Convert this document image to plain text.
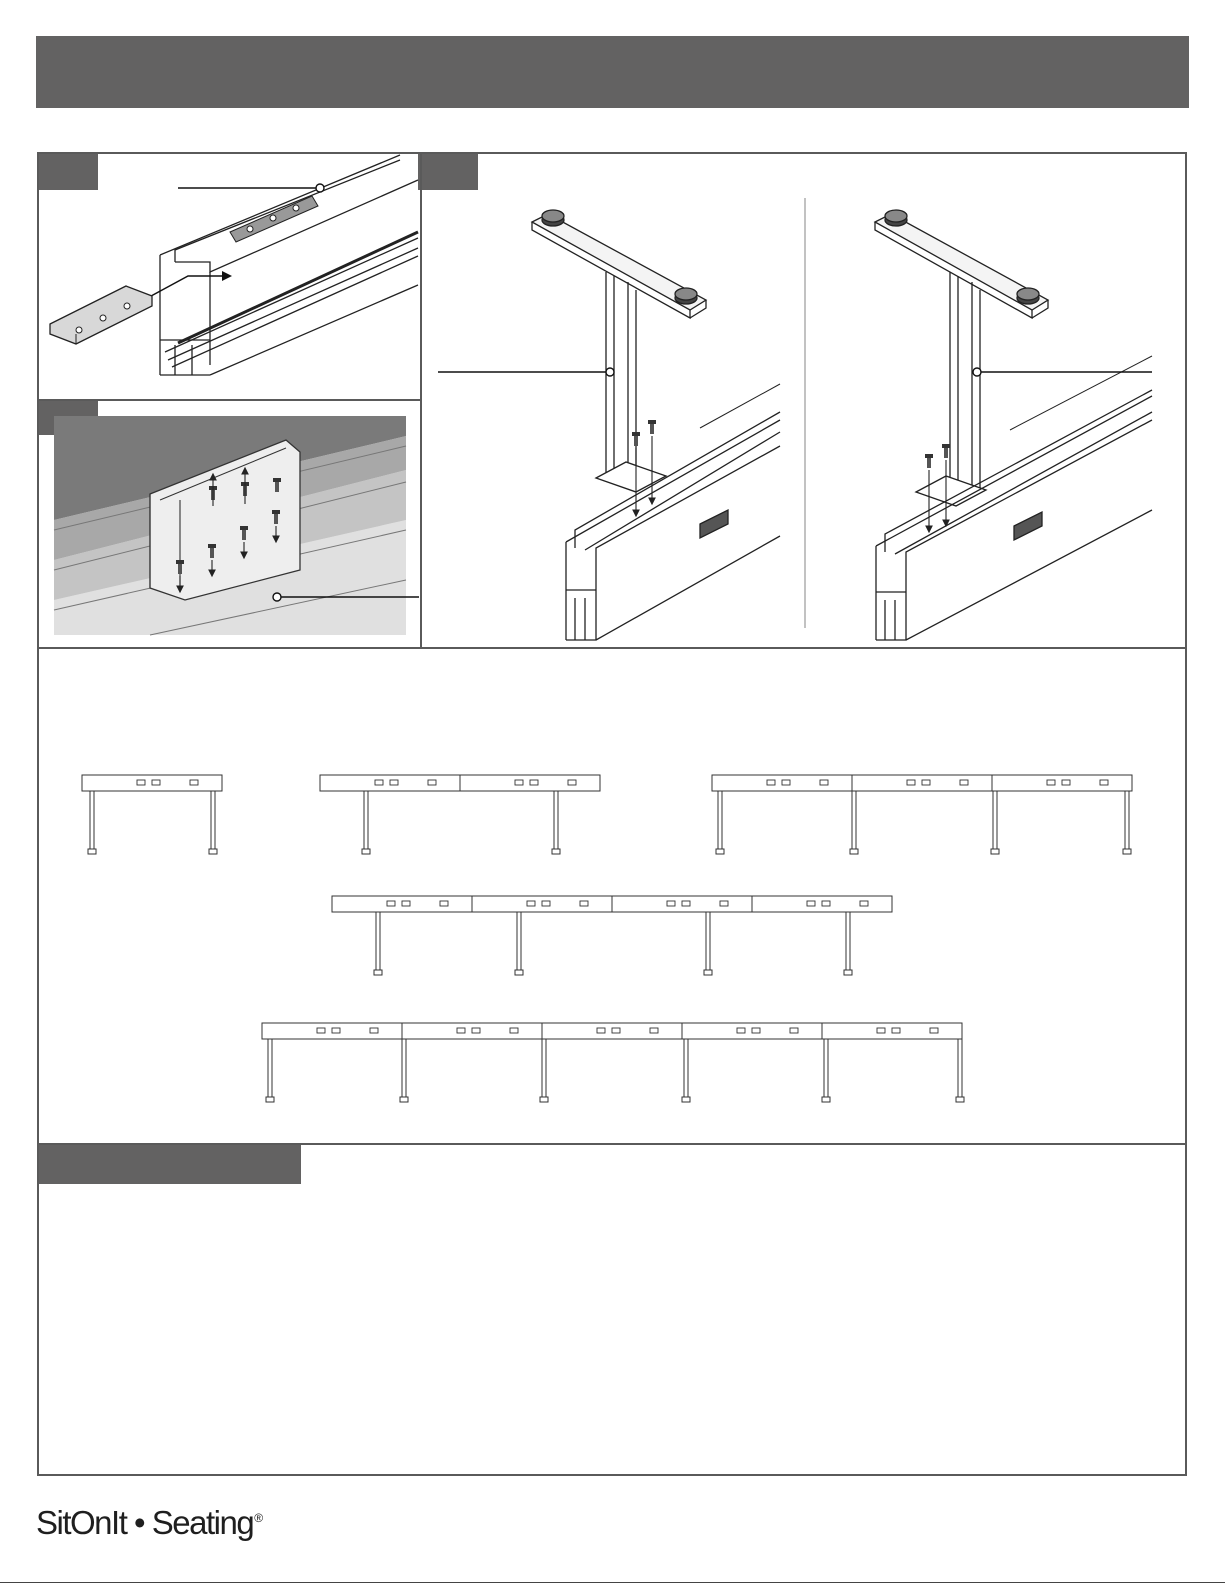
SitOnIt • Seating®
